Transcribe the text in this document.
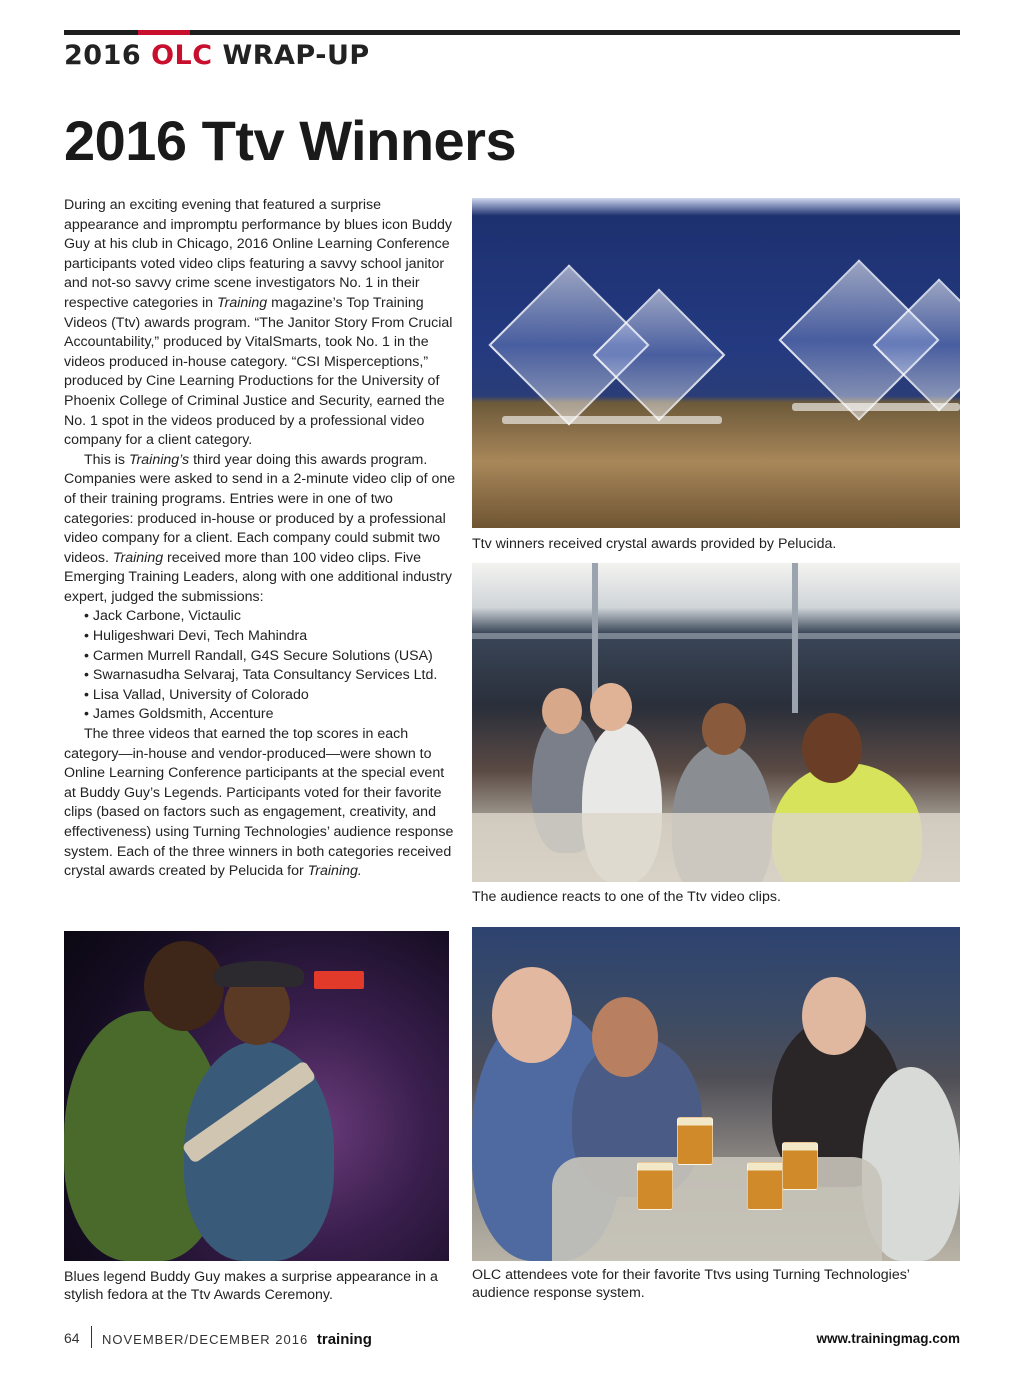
2016 OLC WRAP-UP
2016 Ttv Winners

During an exciting evening that featured a surprise appearance and impromptu performance by blues icon Buddy Guy at his club in Chicago, 2016 Online Learning Conference participants voted video clips featuring a savvy school janitor and not-so savvy crime scene investigators No. 1 in their respective categories in Training magazine’s Top Training Videos (Ttv) awards program. “The Janitor Story From Crucial Accountability,” produced by VitalSmarts, took No. 1 in the videos produced in-house category. “CSI Misperceptions,” produced by Cine Learning Productions for the University of Phoenix College of Criminal Justice and Security, earned the No. 1 spot in the videos produced by a professional video company for a client category.

This is Training’s third year doing this awards program. Companies were asked to send in a 2-minute video clip of one of their training programs. Entries were in one of two categories: produced in-house or produced by a professional video company for a client. Each company could submit two videos. Training received more than 100 video clips. Five Emerging Training Leaders, along with one additional industry expert, judged the submissions:

• Jack Carbone, Victaulic
• Huligeshwari Devi, Tech Mahindra
• Carmen Murrell Randall, G4S Secure Solutions (USA)
• Swarnasudha Selvaraj, Tata Consultancy Services Ltd.
• Lisa Vallad, University of Colorado
• James Goldsmith, Accenture

The three videos that earned the top scores in each category—in-house and vendor-produced—were shown to Online Learning Conference participants at the special event at Buddy Guy’s Legends. Participants voted for their favorite clips (based on factors such as engagement, creativity, and effectiveness) using Turning Technologies’ audience response system. Each of the three winners in both categories received crystal awards created by Pelucida for Training.

Ttv winners received crystal awards provided by Pelucida.
The audience reacts to one of the Ttv video clips.
Blues legend Buddy Guy makes a surprise appearance in a stylish fedora at the Ttv Awards Ceremony.
OLC attendees vote for their favorite Ttvs using Turning Technologies’ audience response system.
64 NOVEMBER/DECEMBER 2016 training	www.trainingmag.com
